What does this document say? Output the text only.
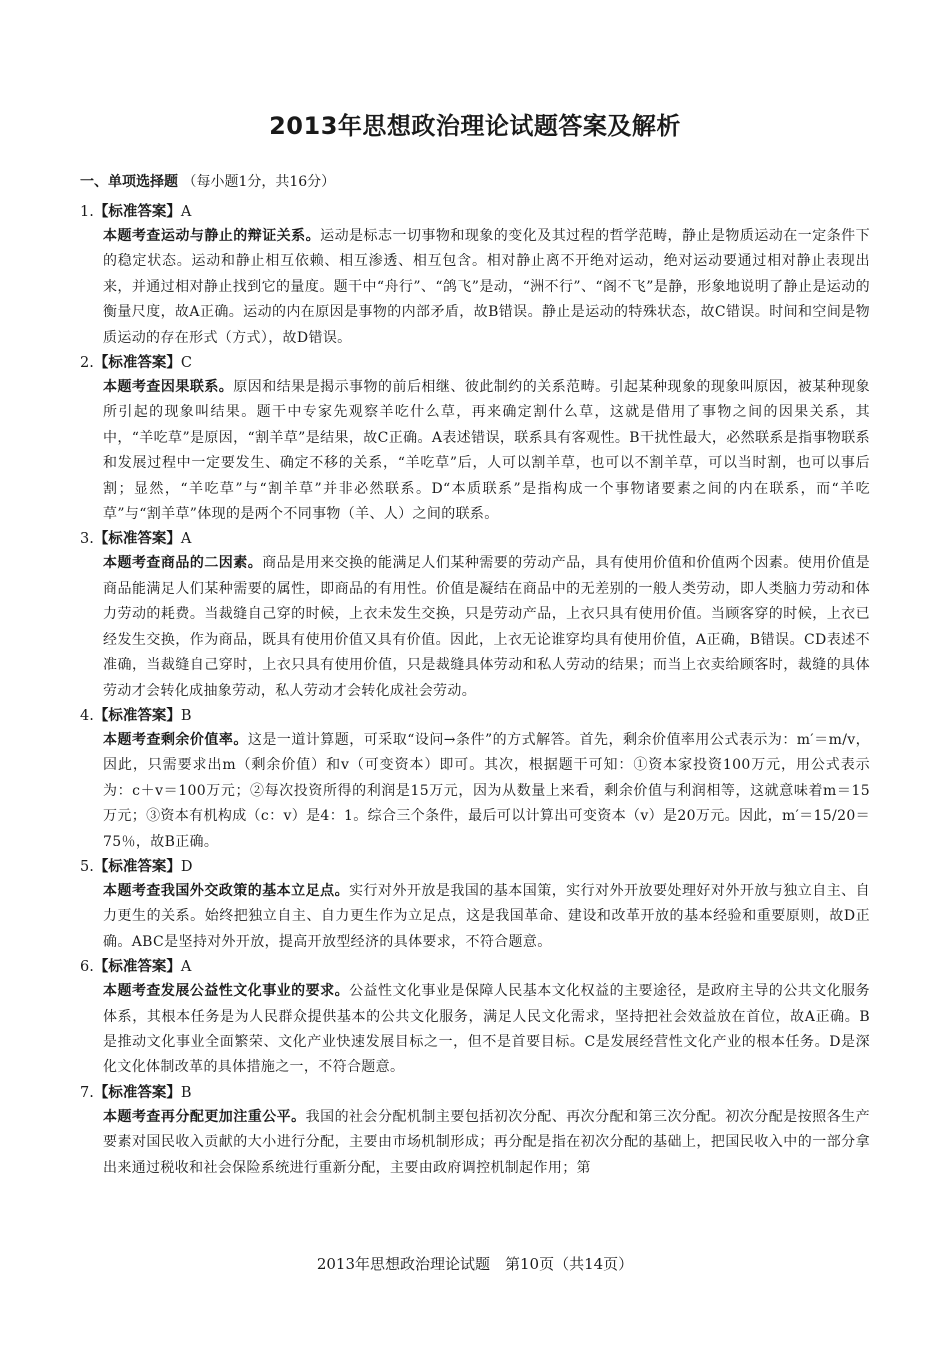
2013年思想政治理论试题答案及解析
一、单项选择题 （每小题1分，共16分）
1.【标准答案】A

本题考查运动与静止的辩证关系。运动是标志一切事物和现象的变化及其过程的哲学范畴，静止是物质运动在一定条件下的稳定状态。运动和静止相互依赖、相互渗透、相互包含。相对静止离不开绝对运动，绝对运动要通过相对静止表现出来，并通过相对静止找到它的量度。题干中“舟行”、“鸽飞”是动，“洲不行”、“阁不飞”是静，形象地说明了静止是运动的衡量尺度，故A正确。运动的内在原因是事物的内部矛盾，故B错误。静止是运动的特殊状态，故C错误。时间和空间是物质运动的存在形式（方式），故D错误。

2.【标准答案】C

本题考查因果联系。原因和结果是揭示事物的前后相继、彼此制约的关系范畴。引起某种现象的现象叫原因，被某种现象所引起的现象叫结果。题干中专家先观察羊吃什么草，再来确定割什么草，这就是借用了事物之间的因果关系，其中，“羊吃草”是原因，“割羊草”是结果，故C正确。A表述错误，联系具有客观性。B干扰性最大，必然联系是指事物联系和发展过程中一定要发生、确定不移的关系，“羊吃草”后，人可以割羊草，也可以不割羊草，可以当时割，也可以事后割；显然，“羊吃草”与“割羊草”并非必然联系。D“本质联系”是指构成一个事物诸要素之间的内在联系，而“羊吃草”与“割羊草”体现的是两个不同事物（羊、人）之间的联系。

3.【标准答案】A

本题考查商品的二因素。商品是用来交换的能满足人们某种需要的劳动产品，具有使用价值和价值两个因素。使用价值是商品能满足人们某种需要的属性，即商品的有用性。价值是凝结在商品中的无差别的一般人类劳动，即人类脑力劳动和体力劳动的耗费。当裁缝自己穿的时候，上衣未发生交换，只是劳动产品，上衣只具有使用价值。当顾客穿的时候，上衣已经发生交换，作为商品，既具有使用价值又具有价值。因此，上衣无论谁穿均具有使用价值，A正确，B错误。CD表述不准确，当裁缝自己穿时，上衣只具有使用价值，只是裁缝具体劳动和私人劳动的结果；而当上衣卖给顾客时，裁缝的具体劳动才会转化成抽象劳动，私人劳动才会转化成社会劳动。

4.【标准答案】B

本题考查剩余价值率。这是一道计算题，可采取“设问→条件”的方式解答。首先，剩余价值率用公式表示为：m′＝m/v，因此，只需要求出m（剩余价值）和v（可变资本）即可。其次，根据题干可知：①资本家投资100万元，用公式表示为：c＋v＝100万元；②每次投资所得的利润是15万元，因为从数量上来看，剩余价值与利润相等，这就意味着m＝15万元；③资本有机构成（c：v）是4：1。综合三个条件，最后可以计算出可变资本（v）是20万元。因此，m′＝15/20＝75％，故B正确。

5.【标准答案】D

本题考查我国外交政策的基本立足点。实行对外开放是我国的基本国策，实行对外开放要处理好对外开放与独立自主、自力更生的关系。始终把独立自主、自力更生作为立足点，这是我国革命、建设和改革开放的基本经验和重要原则，故D正确。ABC是坚持对外开放，提高开放型经济的具体要求，不符合题意。

6.【标准答案】A

本题考查发展公益性文化事业的要求。公益性文化事业是保障人民基本文化权益的主要途径，是政府主导的公共文化服务体系，其根本任务是为人民群众提供基本的公共文化服务，满足人民文化需求，坚持把社会效益放在首位，故A正确。B是推动文化事业全面繁荣、文化产业快速发展目标之一，但不是首要目标。C是发展经营性文化产业的根本任务。D是深化文化体制改革的具体措施之一，不符合题意。

7.【标准答案】B

本题考查再分配更加注重公平。我国的社会分配机制主要包括初次分配、再次分配和第三次分配。初次分配是按照各生产要素对国民收入贡献的大小进行分配，主要由市场机制形成；再分配是指在初次分配的基础上，把国民收入中的一部分拿出来通过税收和社会保险系统进行重新分配，主要由政府调控机制起作用；第

2013年思想政治理论试题　第10页（共14页）
